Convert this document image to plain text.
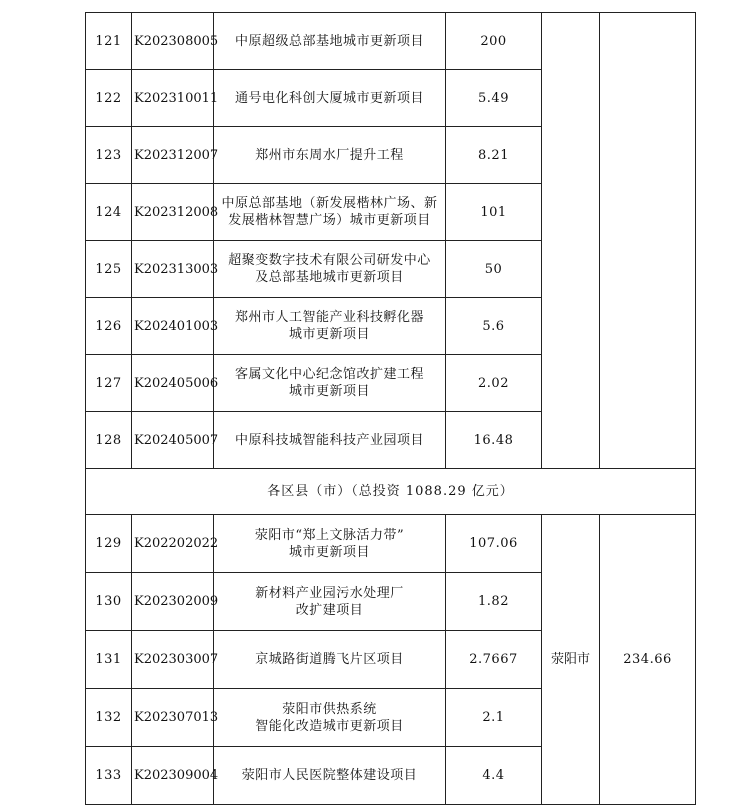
121	K202308005	中原超级总部基地城市更新项目	200		
122	K202310011	通号电化科创大厦城市更新项目	5.49		
123	K202312007	郑州市东周水厂提升工程	8.21		
124	K202312008	中原总部基地（新发展楷林广场、新
发展楷林智慧广场）城市更新项目	101		
125	K202313003	超聚变数字技术有限公司研发中心
及总部基地城市更新项目	50		
126	K202401003	郑州市人工智能产业科技孵化器
城市更新项目	5.6		
127	K202405006	客属文化中心纪念馆改扩建工程
城市更新项目	2.02		
128	K202405007	中原科技城智能科技产业园项目	16.48		
各区县（市）（总投资 1088.29 亿元）					
129	K202202022	荥阳市“郑上文脉活力带”
城市更新项目	107.06	荥阳市	234.66
130	K202302009	新材料产业园污水处理厂
改扩建项目	1.82		
131	K202303007	京城路街道腾飞片区项目	2.7667		
132	K202307013	荥阳市供热系统
智能化改造城市更新项目	2.1		
133	K202309004	荥阳市人民医院整体建设项目	4.4		
